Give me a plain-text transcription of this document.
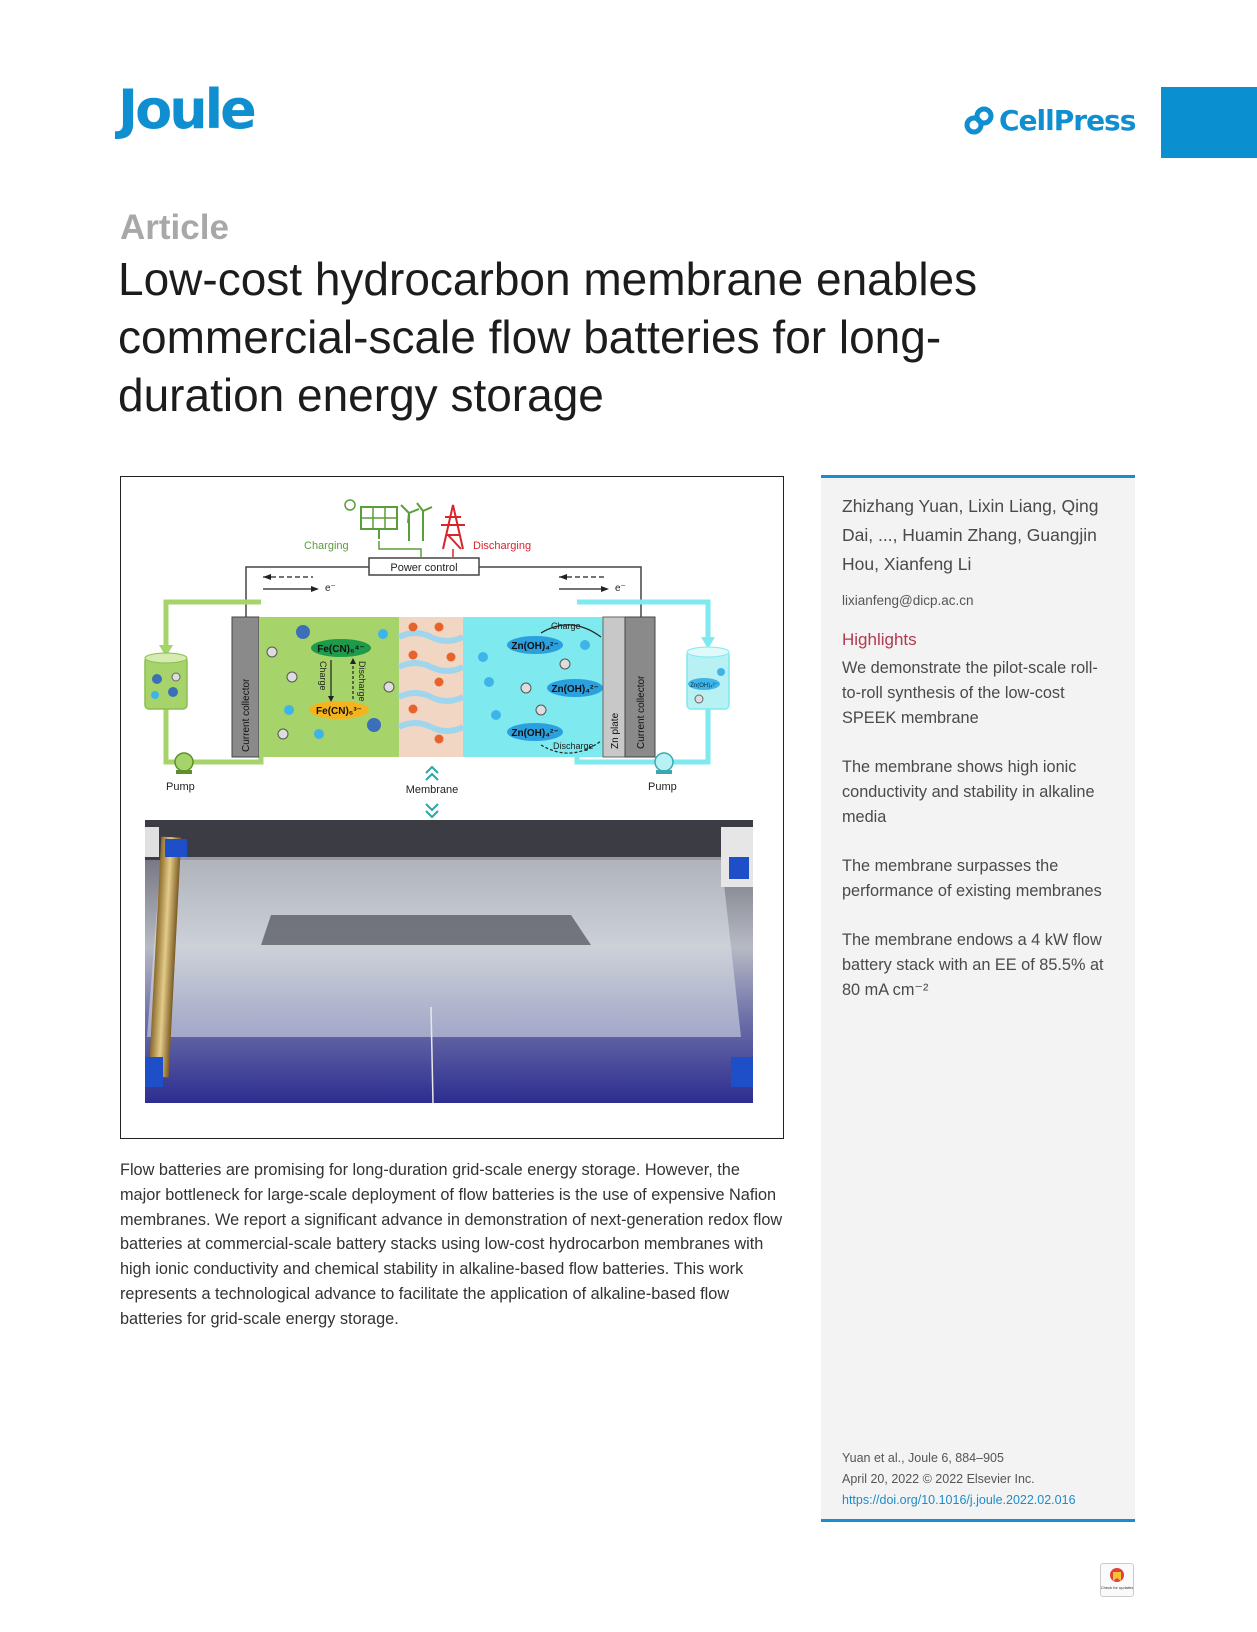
Joule	CellPress
Article
Low-cost hydrocarbon membrane enables commercial-scale flow batteries for long-duration energy storage
Charging	Discharging
Power control
e⁻	e⁻
Zn(OH)₄²⁻
Pump	Pump
Current collector
Fe(CN)₆⁴⁻
Fe(CN)₆³⁻
Charge	Discharge
Zn(OH)₄²⁻
Zn(OH)₄²⁻
Zn(OH)₄²⁻
Charge
Discharge Zn plate Current collector
Membrane

Flow batteries are promising for long-duration grid-scale energy storage. However, the major bottleneck for large-scale deployment of flow batteries is the use of expensive Nafion membranes. We report a significant advance in demonstration of next-generation redox flow batteries at commercial-scale battery stacks using low-cost hydrocarbon membranes with high ionic conductivity and chemical stability in alkaline-based flow batteries. This work represents a technological advance to facilitate the application of alkaline-based flow batteries for grid-scale energy storage.

Zhizhang Yuan, Lixin Liang, Qing Dai, ..., Huamin Zhang, Guangjin Hou, Xianfeng Li

lixianfeng@dicp.ac.cn
Highlights
We demonstrate the pilot-scale roll-to-roll synthesis of the low-cost SPEEK membrane
The membrane shows high ionic conductivity and stability in alkaline media
The membrane surpasses the performance of existing membranes
The membrane endows a 4 kW flow battery stack with an EE of 85.5% at 80 mA cm⁻²
Yuan et al., Joule 6, 884–905
April 20, 2022 © 2022 Elsevier Inc.
https://doi.org/10.1016/j.joule.2022.02.016
Check for updates
